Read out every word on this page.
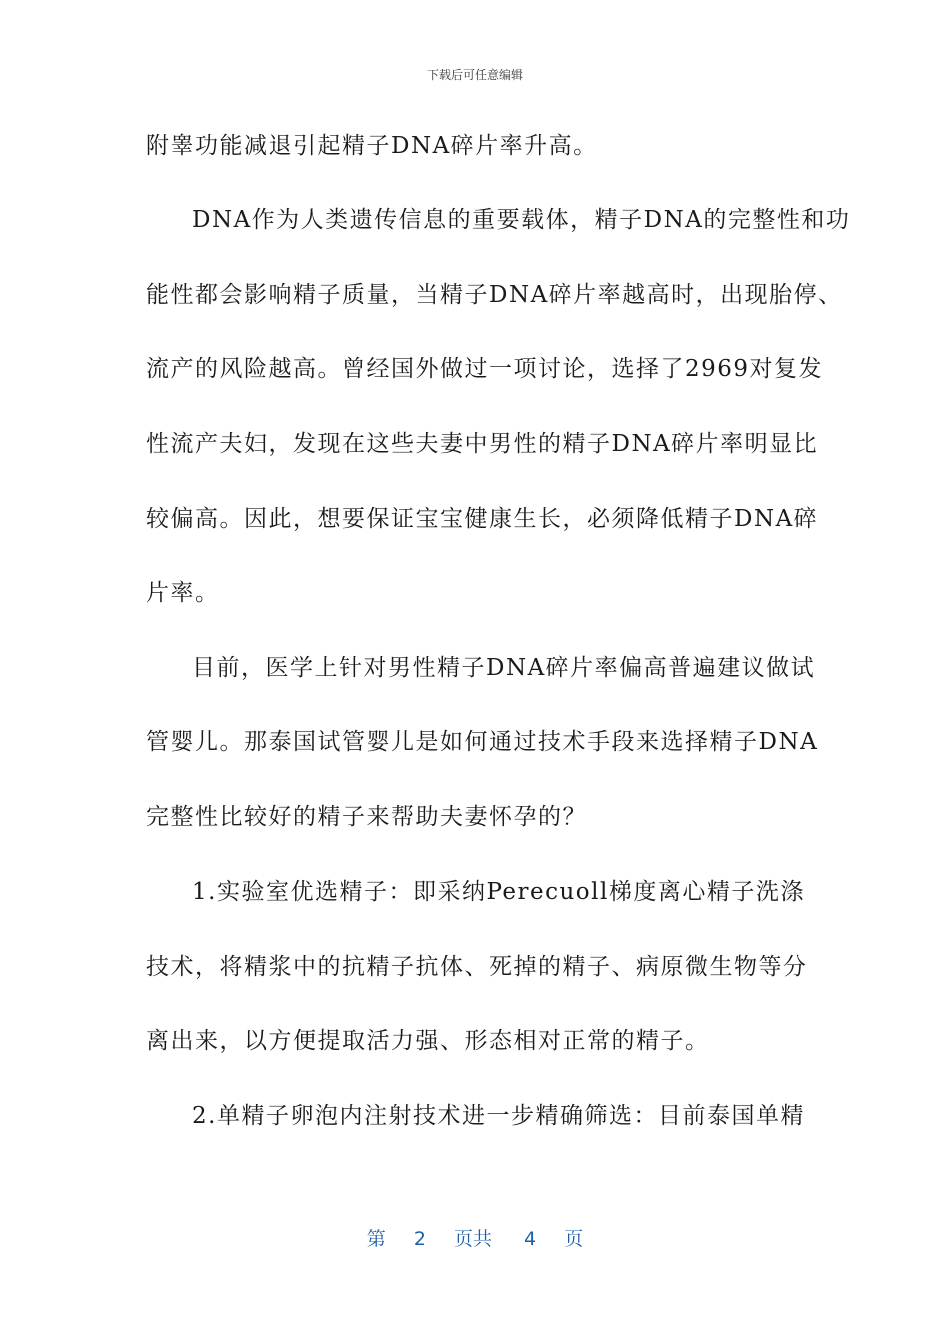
下载后可任意编辑
附睾功能减退引起精子DNA碎片率升高。
DNA作为人类遗传信息的重要载体，精子DNA的完整性和功
能性都会影响精子质量，当精子DNA碎片率越高时，出现胎停、
流产的风险越高。曾经国外做过一项讨论，选择了2969对复发
性流产夫妇，发现在这些夫妻中男性的精子DNA碎片率明显比
较偏高。因此，想要保证宝宝健康生长，必须降低精子DNA碎
片率。
目前，医学上针对男性精子DNA碎片率偏高普遍建议做试
管婴儿。那泰国试管婴儿是如何通过技术手段来选择精子DNA
完整性比较好的精子来帮助夫妻怀孕的？
1.实验室优选精子：即采纳Perecuoll梯度离心精子洗涤
技术，将精浆中的抗精子抗体、死掉的精子、病原微生物等分
离出来，以方便提取活力强、形态相对正常的精子。
2.单精子卵泡内注射技术进一步精确筛选：目前泰国单精
第 2 页共 4 页
